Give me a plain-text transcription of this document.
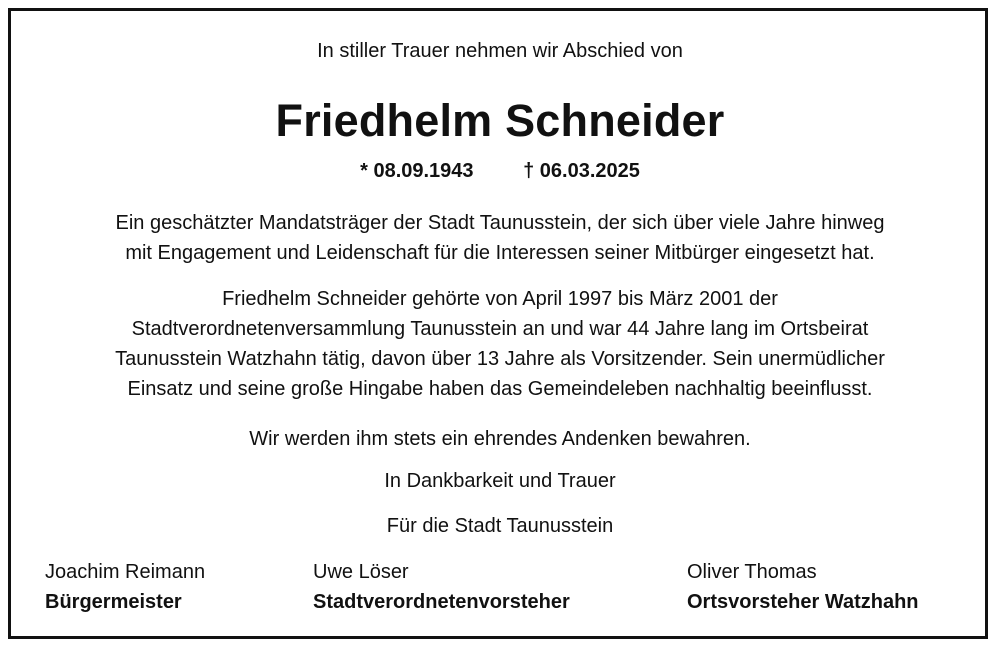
In stiller Trauer nehmen wir Abschied von
Friedhelm Schneider
* 08.09.1943 † 06.03.2025
Ein geschätzter Mandatsträger der Stadt Taunusstein, der sich über viele Jahre hinweg
mit Engagement und Leidenschaft für die Interessen seiner Mitbürger eingesetzt hat.
Friedhelm Schneider gehörte von April 1997 bis März 2001 der
Stadtverordnetenversammlung Taunusstein an und war 44 Jahre lang im Ortsbeirat
Taunusstein Watzhahn tätig, davon über 13 Jahre als Vorsitzender. Sein unermüdlicher
Einsatz und seine große Hingabe haben das Gemeindeleben nachhaltig beeinflusst.
Wir werden ihm stets ein ehrendes Andenken bewahren.
In Dankbarkeit und Trauer
Für die Stadt Taunusstein
Joachim Reimann
Bürgermeister
Uwe Löser
Stadtverordnetenvorsteher
Oliver Thomas
Ortsvorsteher Watzhahn
